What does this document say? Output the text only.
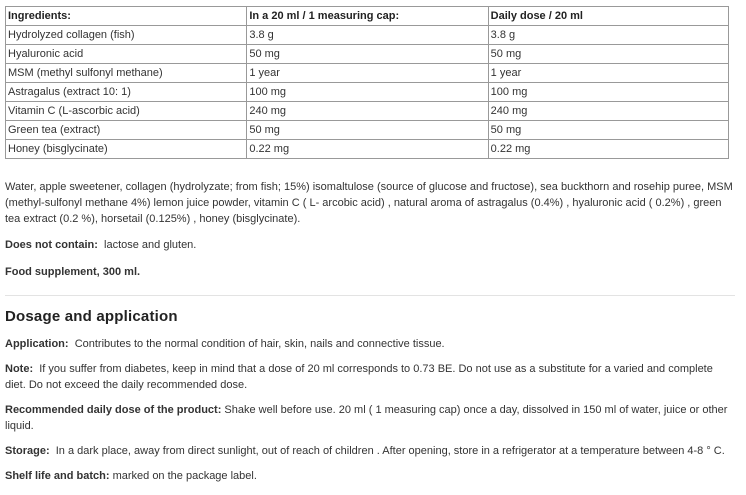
Ingredients:	In a 20 ml / 1 measuring cap:	Daily dose / 20 ml
Hydrolyzed collagen (fish)	3.8 g	3.8 g
Hyaluronic acid	50 mg	50 mg
MSM (methyl sulfonyl methane)	1 year	1 year
Astragalus (extract 10: 1)	100 mg	100 mg
Vitamin C (L-ascorbic acid)	240 mg	240 mg
Green tea (extract)	50 mg	50 mg
Honey (bisglycinate)	0.22 mg	0.22 mg

Water, apple sweetener, collagen (hydrolyzate; from fish; 15%) isomaltulose (source of glucose and fructose), sea buckthorn and rosehip puree, MSM (methyl-sulfonyl methane 4%) lemon juice powder, vitamin C ( L- arcobic acid) , natural aroma of astragalus (0.4%) , hyaluronic acid ( 0.2%) , green tea extract (0.2 %), horsetail (0.125%) , honey (bisglycinate).

Does not contain: lactose and gluten.

Food supplement, 300 ml.

Dosage and application

Application: Contributes to the normal condition of hair, skin, nails and connective tissue.

Note: If you suffer from diabetes, keep in mind that a dose of 20 ml corresponds to 0.73 BE. Do not use as a substitute for a varied and complete diet. Do not exceed the daily recommended dose.

Recommended daily dose of the product: Shake well before use. 20 ml ( 1 measuring cap) once a day, dissolved in 150 ml of water, juice or other liquid.

Storage: In a dark place, away from direct sunlight, out of reach of children . After opening, store in a refrigerator at a temperature between 4-8 ° C.

Shelf life and batch: marked on the package label.
